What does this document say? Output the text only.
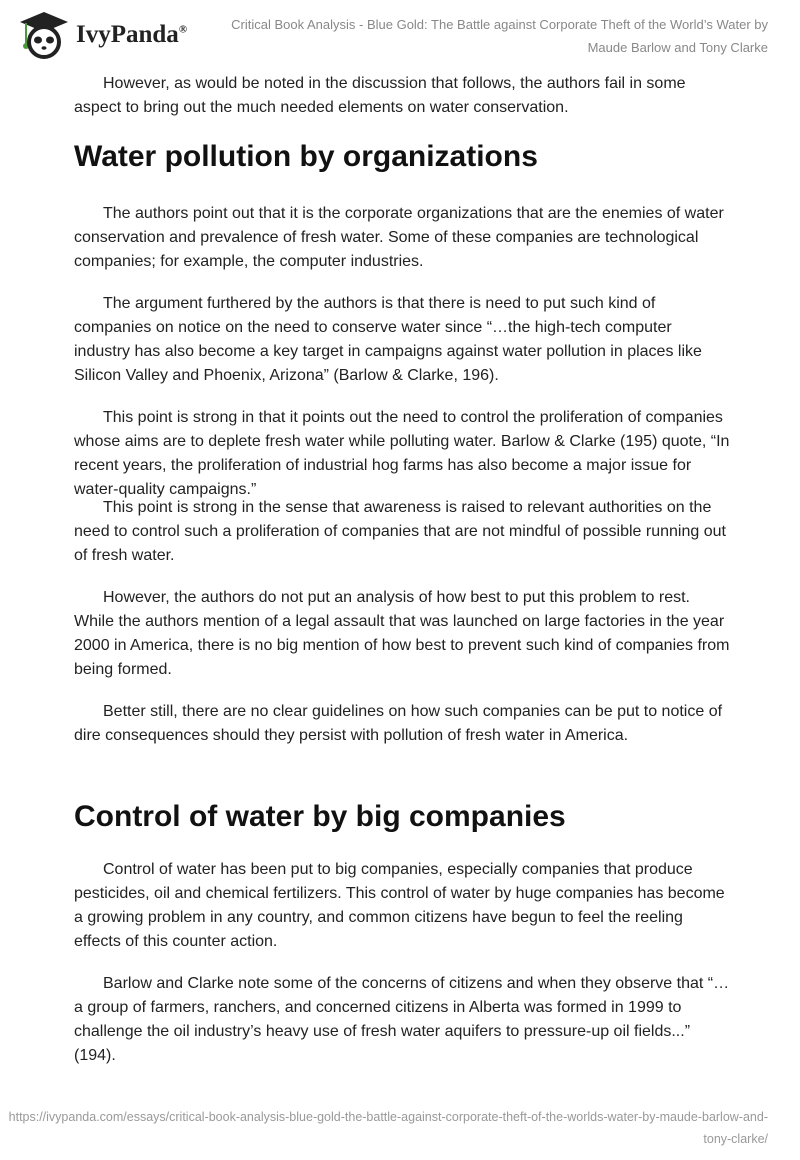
IvyPanda®	Critical Book Analysis - Blue Gold: The Battle against Corporate Theft of the World’s Water by Maude Barlow and Tony Clarke

However, as would be noted in the discussion that follows, the authors fail in some aspect to bring out the much needed elements on water conservation.

Water pollution by organizations

The authors point out that it is the corporate organizations that are the enemies of water conservation and prevalence of fresh water. Some of these companies are technological companies; for example, the computer industries.

The argument furthered by the authors is that there is need to put such kind of companies on notice on the need to conserve water since “…the high-tech computer industry has also become a key target in campaigns against water pollution in places like Silicon Valley and Phoenix, Arizona” (Barlow & Clarke, 196).

This point is strong in that it points out the need to control the proliferation of companies whose aims are to deplete fresh water while polluting water. Barlow & Clarke (195) quote, “In recent years, the proliferation of industrial hog farms has also become a major issue for water-quality campaigns.”

This point is strong in the sense that awareness is raised to relevant authorities on the need to control such a proliferation of companies that are not mindful of possible running out of fresh water.

However, the authors do not put an analysis of how best to put this problem to rest. While the authors mention of a legal assault that was launched on large factories in the year 2000 in America, there is no big mention of how best to prevent such kind of companies from being formed.

Better still, there are no clear guidelines on how such companies can be put to notice of dire consequences should they persist with pollution of fresh water in America.

Control of water by big companies

Control of water has been put to big companies, especially companies that produce pesticides, oil and chemical fertilizers. This control of water by huge companies has become a growing problem in any country, and common citizens have begun to feel the reeling effects of this counter action.

Barlow and Clarke note some of the concerns of citizens and when they observe that “…a group of farmers, ranchers, and concerned citizens in Alberta was formed in 1999 to challenge the oil industry’s heavy use of fresh water aquifers to pressure-up oil fields...” (194).

https://ivypanda.com/essays/critical-book-analysis-blue-gold-the-battle-against-corporate-theft-of-the-worlds-water-by-maude-barlow-and-tony-clarke/
